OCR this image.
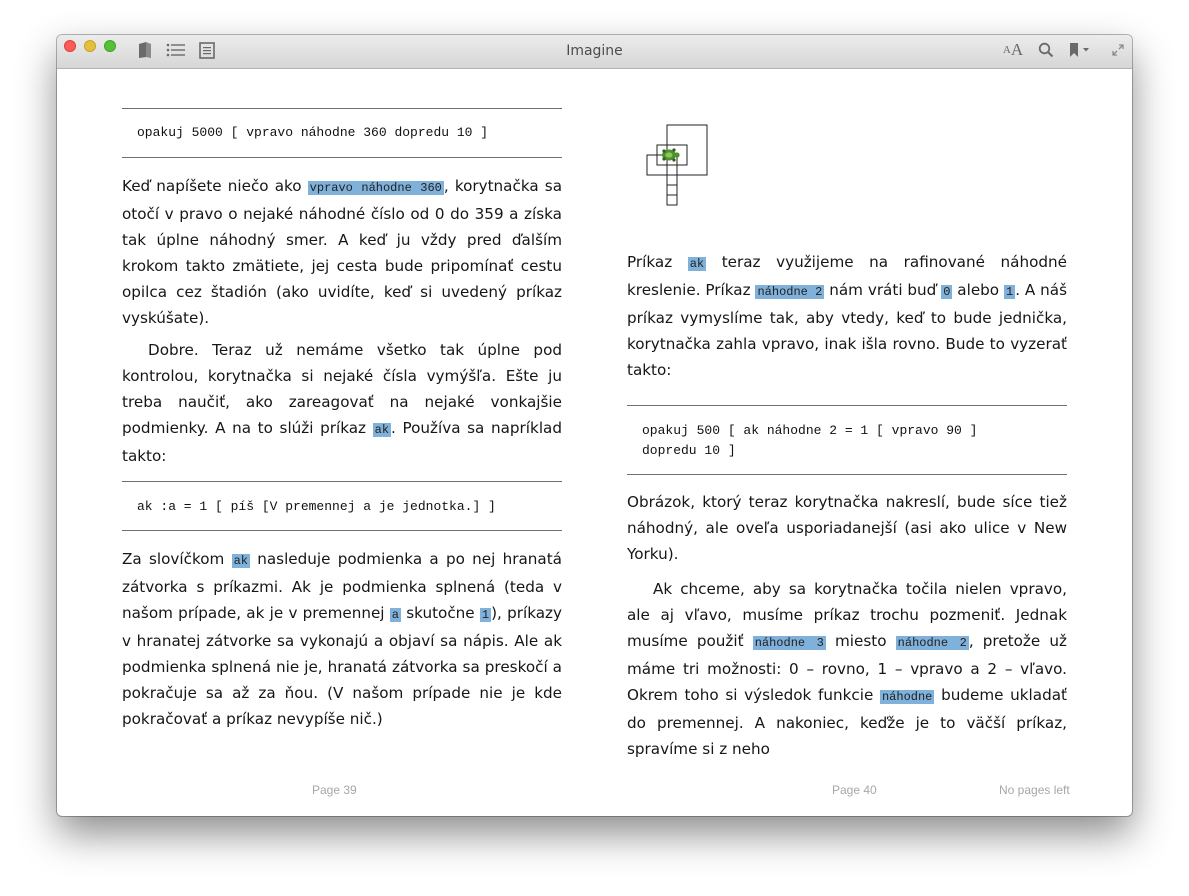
Imagine	A A
opakuj 5000 [ vpravo náhodne 360 dopredu 10 ]

Keď napíšete niečo ako vpravo náhodne 360 , korytnačka sa otočí v pravo o nejaké náhodné číslo od 0 do 359 a získa tak úplne náhodný smer. A keď ju vždy pred ďalším krokom takto zmätiete, jej cesta bude pripomínať cestu opilca cez štadión (ako uvidíte, keď si uvedený príkaz vyskúšate).

Dobre. Teraz už nemáme všetko tak úplne pod kontrolou, korytnačka si nejaké čísla vymýšľa. Ešte ju treba naučiť, ako zareagovať na nejaké vonkajšie podmienky. A na to slúži príkaz ak . Používa sa napríklad takto:

ak :a = 1 [ píš [V premennej a je jednotka.] ]

Za slovíčkom ak nasleduje podmienka a po nej hranatá zátvorka s príkazmi. Ak je podmienka splnená (teda v našom prípade, ak je v premennej a skutočne 1 ), príkazy v hranatej zátvorke sa vykonajú a objaví sa nápis. Ale ak podmienka splnená nie je, hranatá zátvorka sa preskočí a pokračuje sa až za ňou. (V našom prípade nie je kde pokračovať a príkaz nevypíše nič.)

Page 39

Príkaz ak teraz využijeme na rafinované náhodné kreslenie. Príkaz náhodne 2 nám vráti buď 0 alebo 1 . A náš príkaz vymyslíme tak, aby vtedy, keď to bude jednička, korytnačka zahla vpravo, inak išla rovno. Bude to vyzerať takto:

opakuj 500 [ ak náhodne 2 = 1 [ vpravo 90 ]
dopredu 10 ]

Obrázok, ktorý teraz korytnačka nakreslí, bude síce tiež náhodný, ale oveľa usporiadanejší (asi ako ulice v New Yorku).

Ak chceme, aby sa korytnačka točila nielen vpravo, ale aj vľavo, musíme príkaz trochu pozmeniť. Jednak musíme použiť náhodne 3 miesto náhodne 2 , pretože už máme tri možnosti: 0 – rovno, 1 – vpravo a 2 – vľavo. Okrem toho si výsledok funkcie náhodne budeme ukladať do premennej. A nakoniec, keďže je to väčší príkaz, spravíme si z neho

Page 40	No pages left
